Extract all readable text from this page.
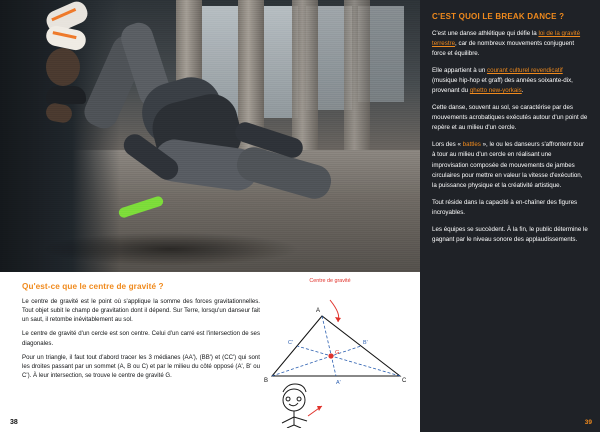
Qu'est-ce que le centre de gravité ?

Le centre de gravité est le point où s'applique la somme des forces gravitationnelles. Tout objet subit le champ de gravitation dont il dépend. Sur Terre, lorsqu'un danseur fait un saut, il retombe inévitablement au sol.

Le centre de gravité d'un cercle est son centre. Celui d'un carré est l'intersection de ses diagonales.

Pour un triangle, il faut tout d'abord tracer les 3 médianes (AA'), (BB') et (CC') qui sont les droites passant par un sommet (A, B ou C) et par le milieu du côté opposé (A', B' ou C'). À leur intersection, se trouve le centre de gravité G.

38
Centre de gravité
A
B	C
A'
B'
C'
G
C'EST QUOI LE BREAK DANCE ?

C'est une danse athlétique qui défie la loi de la gravité terrestre, car de nombreux mouvements conjuguent force et équilibre.

Elle appartient à un courant culturel revendicatif (musique hip-hop et graff) des années soixante-dix, provenant du ghetto new-yorkais.

Cette danse, souvent au sol, se caractérise par des mouvements acrobatiques exécutés autour d'un point de repère et au milieu d'un cercle.

Lors des « battles », le ou les danseurs s'affrontent tour à tour au milieu d'un cercle en réalisant une improvisation composée de mouvements de jambes circulaires pour mettre en valeur la vitesse d'exécution, la puissance physique et la créativité artistique.

Tout réside dans la capacité à en-chaîner des figures incroyables.

Les équipes se succèdent. À la fin, le public détermine le gagnant par le niveau sonore des applaudissements.

39
